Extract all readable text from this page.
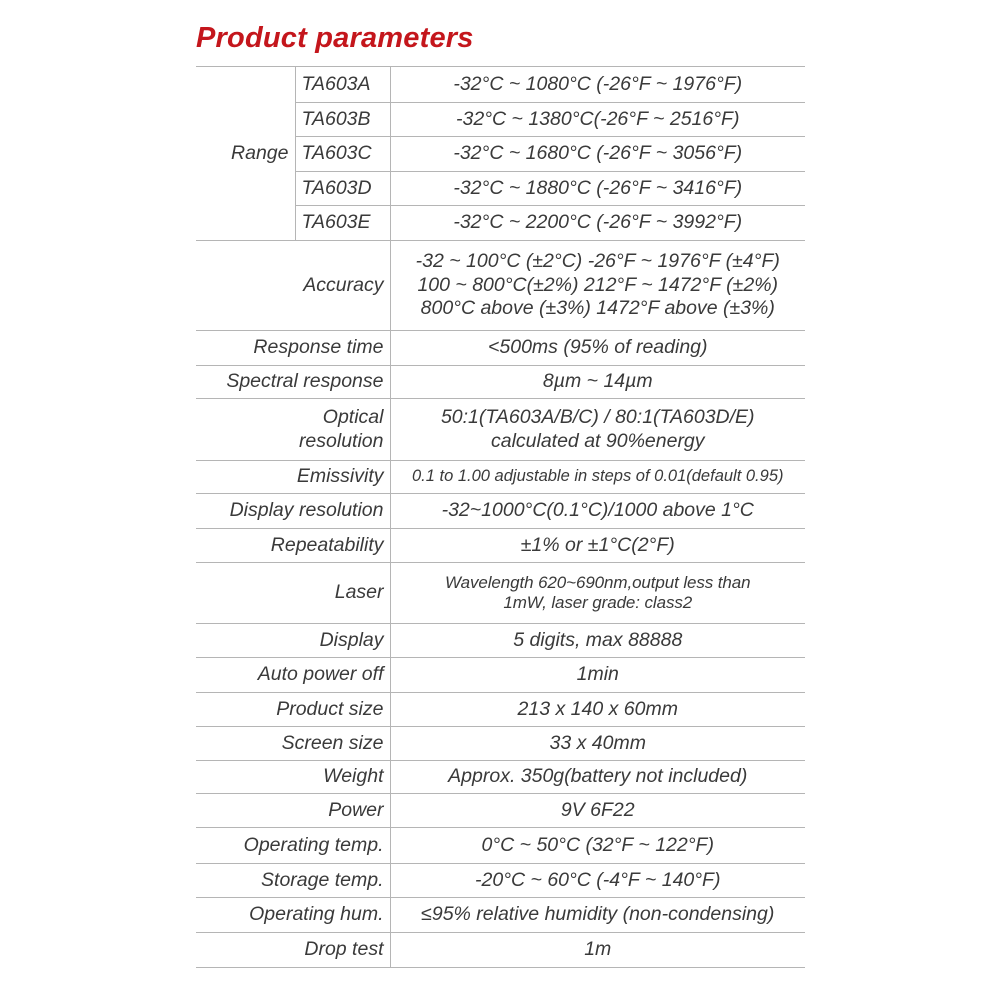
Product parameters
Range	TA603A	-32°C ~ 1080°C (-26°F ~ 1976°F)
	TA603B	-32°C ~ 1380°C(-26°F ~ 2516°F)
	TA603C	-32°C ~ 1680°C (-26°F ~ 3056°F)
	TA603D	-32°C ~ 1880°C (-26°F ~ 3416°F)
	TA603E	-32°C ~ 2200°C (-26°F ~ 3992°F)
Accuracy		-32 ~ 100°C (±2°C) -26°F ~ 1976°F (±4°F)
100 ~ 800°C(±2%) 212°F ~ 1472°F (±2%)
800°C above (±3%) 1472°F above (±3%)

Response time		<500ms (95% of reading)
Spectral response		8µm ~ 14µm

Optical
resolution		50:1(TA603A/B/C) / 80:1(TA603D/E)
calculated at 90%energy

Emissivity		0.1 to 1.00 adjustable in steps of 0.01(default 0.95)
Display resolution		-32~1000°C(0.1°C)/1000 above 1°C
Repeatability		±1% or ±1°C(2°F)
Laser		Wavelength 620~690nm,output less than
1mW, laser grade: class2

Display		5 digits, max 88888
Auto power off		1min
Product size		213 x 140 x 60mm
Screen size		33 x 40mm
Weight		Approx. 350g(battery not included)
Power		9V 6F22
Operating temp.		0°C ~ 50°C (32°F ~ 122°F)
Storage temp.		-20°C ~ 60°C (-4°F ~ 140°F)
Operating hum.		≤95% relative humidity (non-condensing)
Drop test		1m
